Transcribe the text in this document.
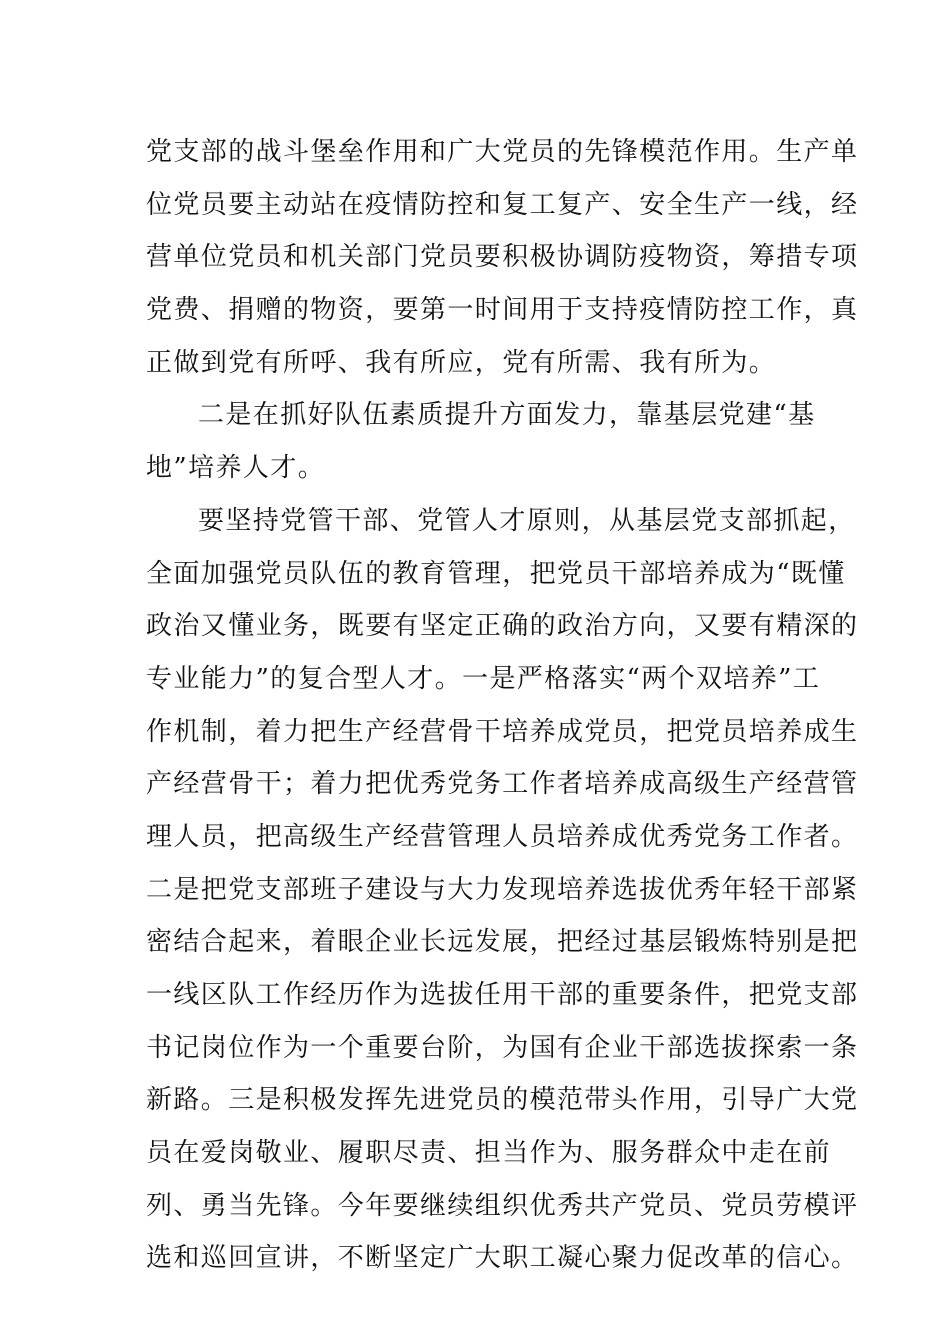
党支部的战斗堡垒作用和广大党员的先锋模范作用。生产单
位党员要主动站在疫情防控和复工复产、安全生产一线，经
营单位党员和机关部门党员要积极协调防疫物资，筹措专项
党费、捐赠的物资，要第一时间用于支持疫情防控工作，真
正做到党有所呼、我有所应，党有所需、我有所为。
二是在抓好队伍素质提升方面发力，靠基层党建“基
地”培养人才。
要坚持党管干部、党管人才原则，从基层党支部抓起，
全面加强党员队伍的教育管理，把党员干部培养成为“既懂
政治又懂业务，既要有坚定正确的政治方向，又要有精深的
专业能力”的复合型人才。一是严格落实“两个双培养”工
作机制，着力把生产经营骨干培养成党员，把党员培养成生
产经营骨干；着力把优秀党务工作者培养成高级生产经营管
理人员，把高级生产经营管理人员培养成优秀党务工作者。
二是把党支部班子建设与大力发现培养选拔优秀年轻干部紧
密结合起来，着眼企业长远发展，把经过基层锻炼特别是把
一线区队工作经历作为选拔任用干部的重要条件，把党支部
书记岗位作为一个重要台阶，为国有企业干部选拔探索一条
新路。三是积极发挥先进党员的模范带头作用，引导广大党
员在爱岗敬业、履职尽责、担当作为、服务群众中走在前
列、勇当先锋。今年要继续组织优秀共产党员、党员劳模评
选和巡回宣讲，不断坚定广大职工凝心聚力促改革的信心。
